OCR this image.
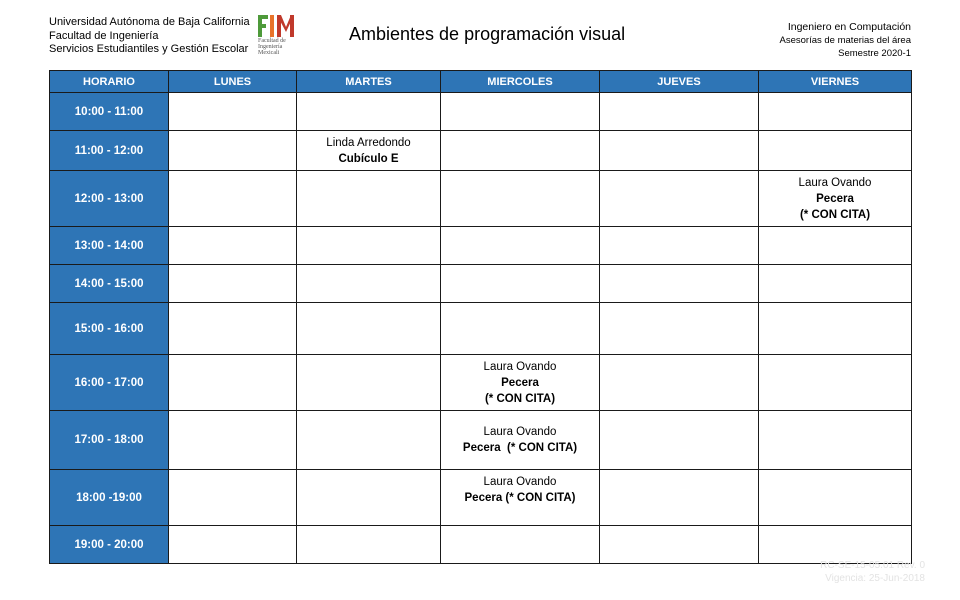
Universidad Autónoma de Baja California
Facultad de Ingeniería
Servicios Estudiantiles y Gestión Escolar
Facultad de
Ingeniería
Mexicali
Ambientes de programación visual	Ingeniero en Computación
Asesorías de materias del área
Semestre 2020-1
HORARIO	LUNES	MARTES	MIERCOLES	JUEVES	VIERNES
10:00 - 11:00					
11:00 - 12:00		Linda Arredondo
Cubículo E			

12:00 - 13:00					Laura Ovando
Pecera
(* CON CITA)

13:00 - 14:00					
14:00 - 15:00					
15:00 - 16:00					
16:00 - 17:00			Laura Ovando
Pecera
(* CON CITA)		

17:00 - 18:00			Laura Ovando
Pecera  (* CON CITA)		

18:00 -19:00			Laura Ovando
Pecera (* CON CITA)		

19:00 - 20:00					
RC-SE-15-05.01 Rev. 0
Vigencia: 25-Jun-2018
